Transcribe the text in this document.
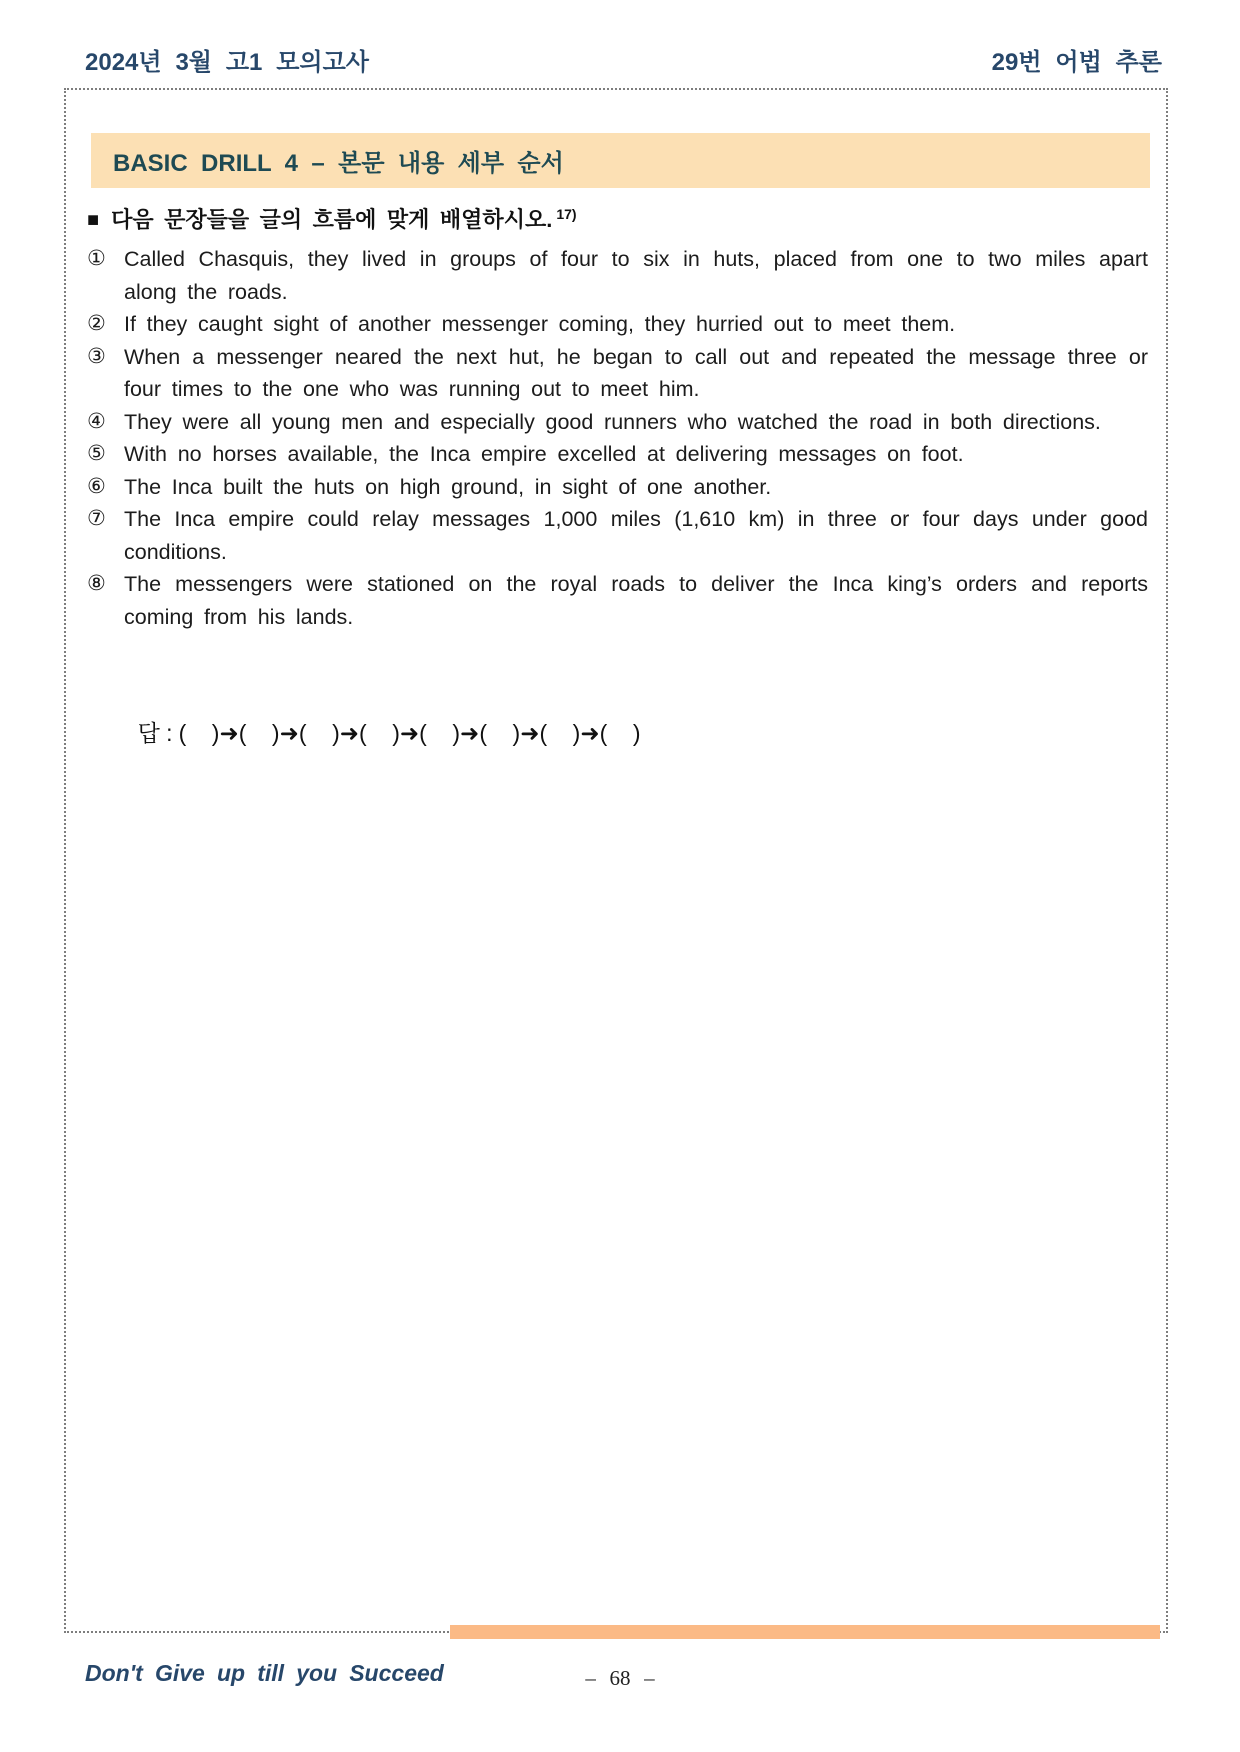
2024년 3월 고1 모의고사	29번 어법 추론
BASIC DRILL 4 – 본문 내용 세부 순서
■ 다음 문장들을 글의 흐름에 맞게 배열하시오. $^{17)}$
① Called Chasquis, they lived in groups of four to six in huts, placed from one to two miles apart along the roads.
② If they caught sight of another messenger coming, they hurried out to meet them.
③ When a messenger neared the next hut, he began to call out and repeated the message three or four times to the one who was running out to meet him.
④ They were all young men and especially good runners who watched the road in both directions.
⑤ With no horses available, the Inca empire excelled at delivering messages on foot.
⑥ The Inca built the huts on high ground, in sight of one another.
⑦ The Inca empire could relay messages 1,000 miles (1,610 km) in three or four days under good conditions.
⑧ The messengers were stationed on the royal roads to deliver the Inca king’s orders and reports coming from his lands.

답 : (    )➜(    )➜(    )➜(    )➜(    )➜(    )➜(    )➜(    )

Don't Give up till you Succeed	– 68 –
